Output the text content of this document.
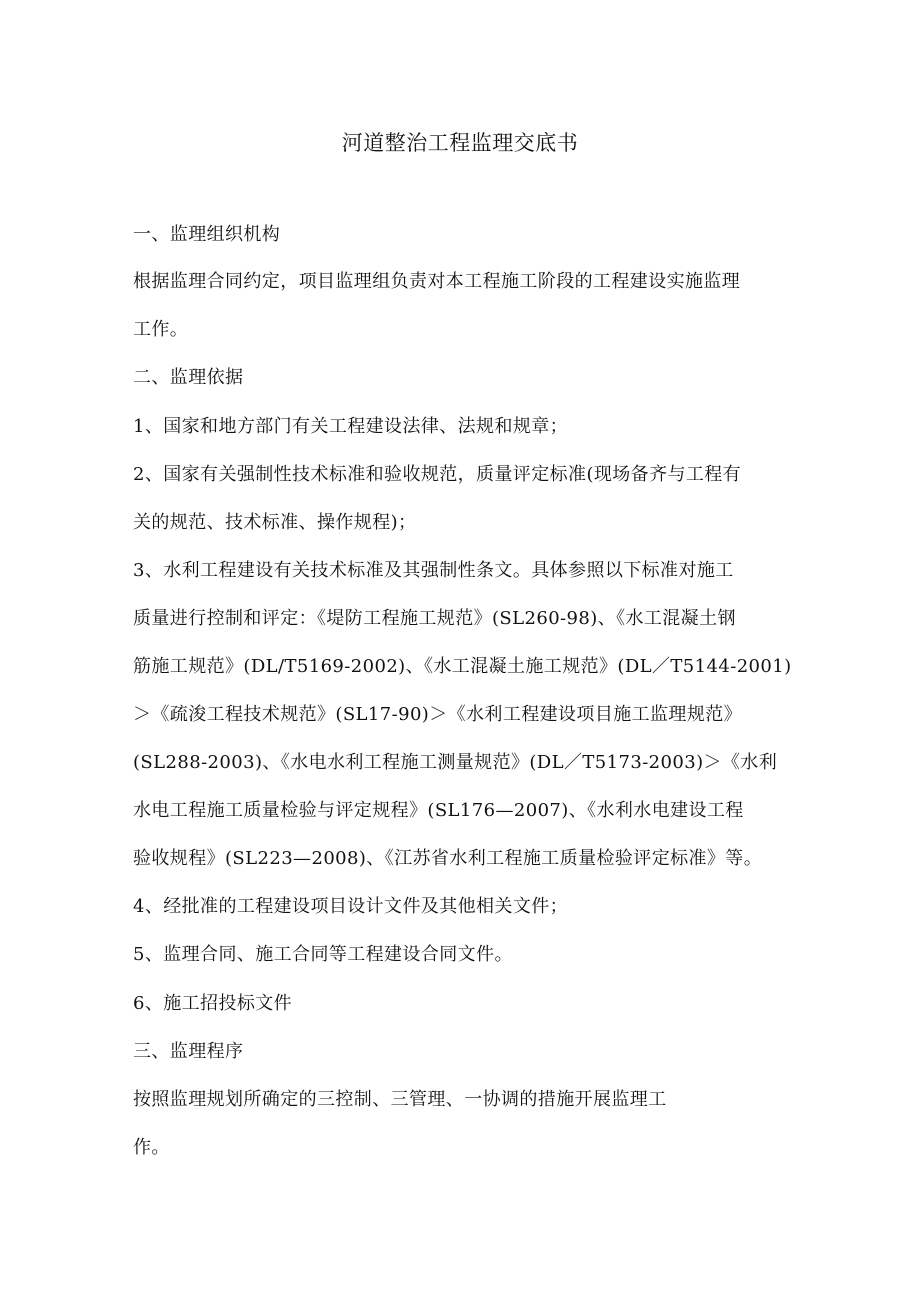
河道整治工程监理交底书
一、监理组织机构
根据监理合同约定，项目监理组负责对本工程施工阶段的工程建设实施监理
工作。
二、监理依据
1、国家和地方部门有关工程建设法律、法规和规章；
2、国家有关强制性技术标准和验收规范，质量评定标准(现场备齐与工程有
关的规范、技术标准、操作规程)；
3、水利工程建设有关技术标准及其强制性条文。具体参照以下标准对施工
质量进行控制和评定：《堤防工程施工规范》(SL260-98)、《水工混凝土钢
筋施工规范》(DL/T5169-2002)、《水工混凝土施工规范》(DL／T5144-2001)
＞《疏浚工程技术规范》(SL17-90)＞《水利工程建设项目施工监理规范》
(SL288-2003)、《水电水利工程施工测量规范》(DL／T5173-2003)＞《水利
水电工程施工质量检验与评定规程》(SL176—2007)、《水利水电建设工程
验收规程》(SL223—2008)、《江苏省水利工程施工质量检验评定标准》等。
4、经批准的工程建设项目设计文件及其他相关文件；
5、监理合同、施工合同等工程建设合同文件。
6、施工招投标文件
三、监理程序
按照监理规划所确定的三控制、三管理、一协调的措施开展监理工
作。
